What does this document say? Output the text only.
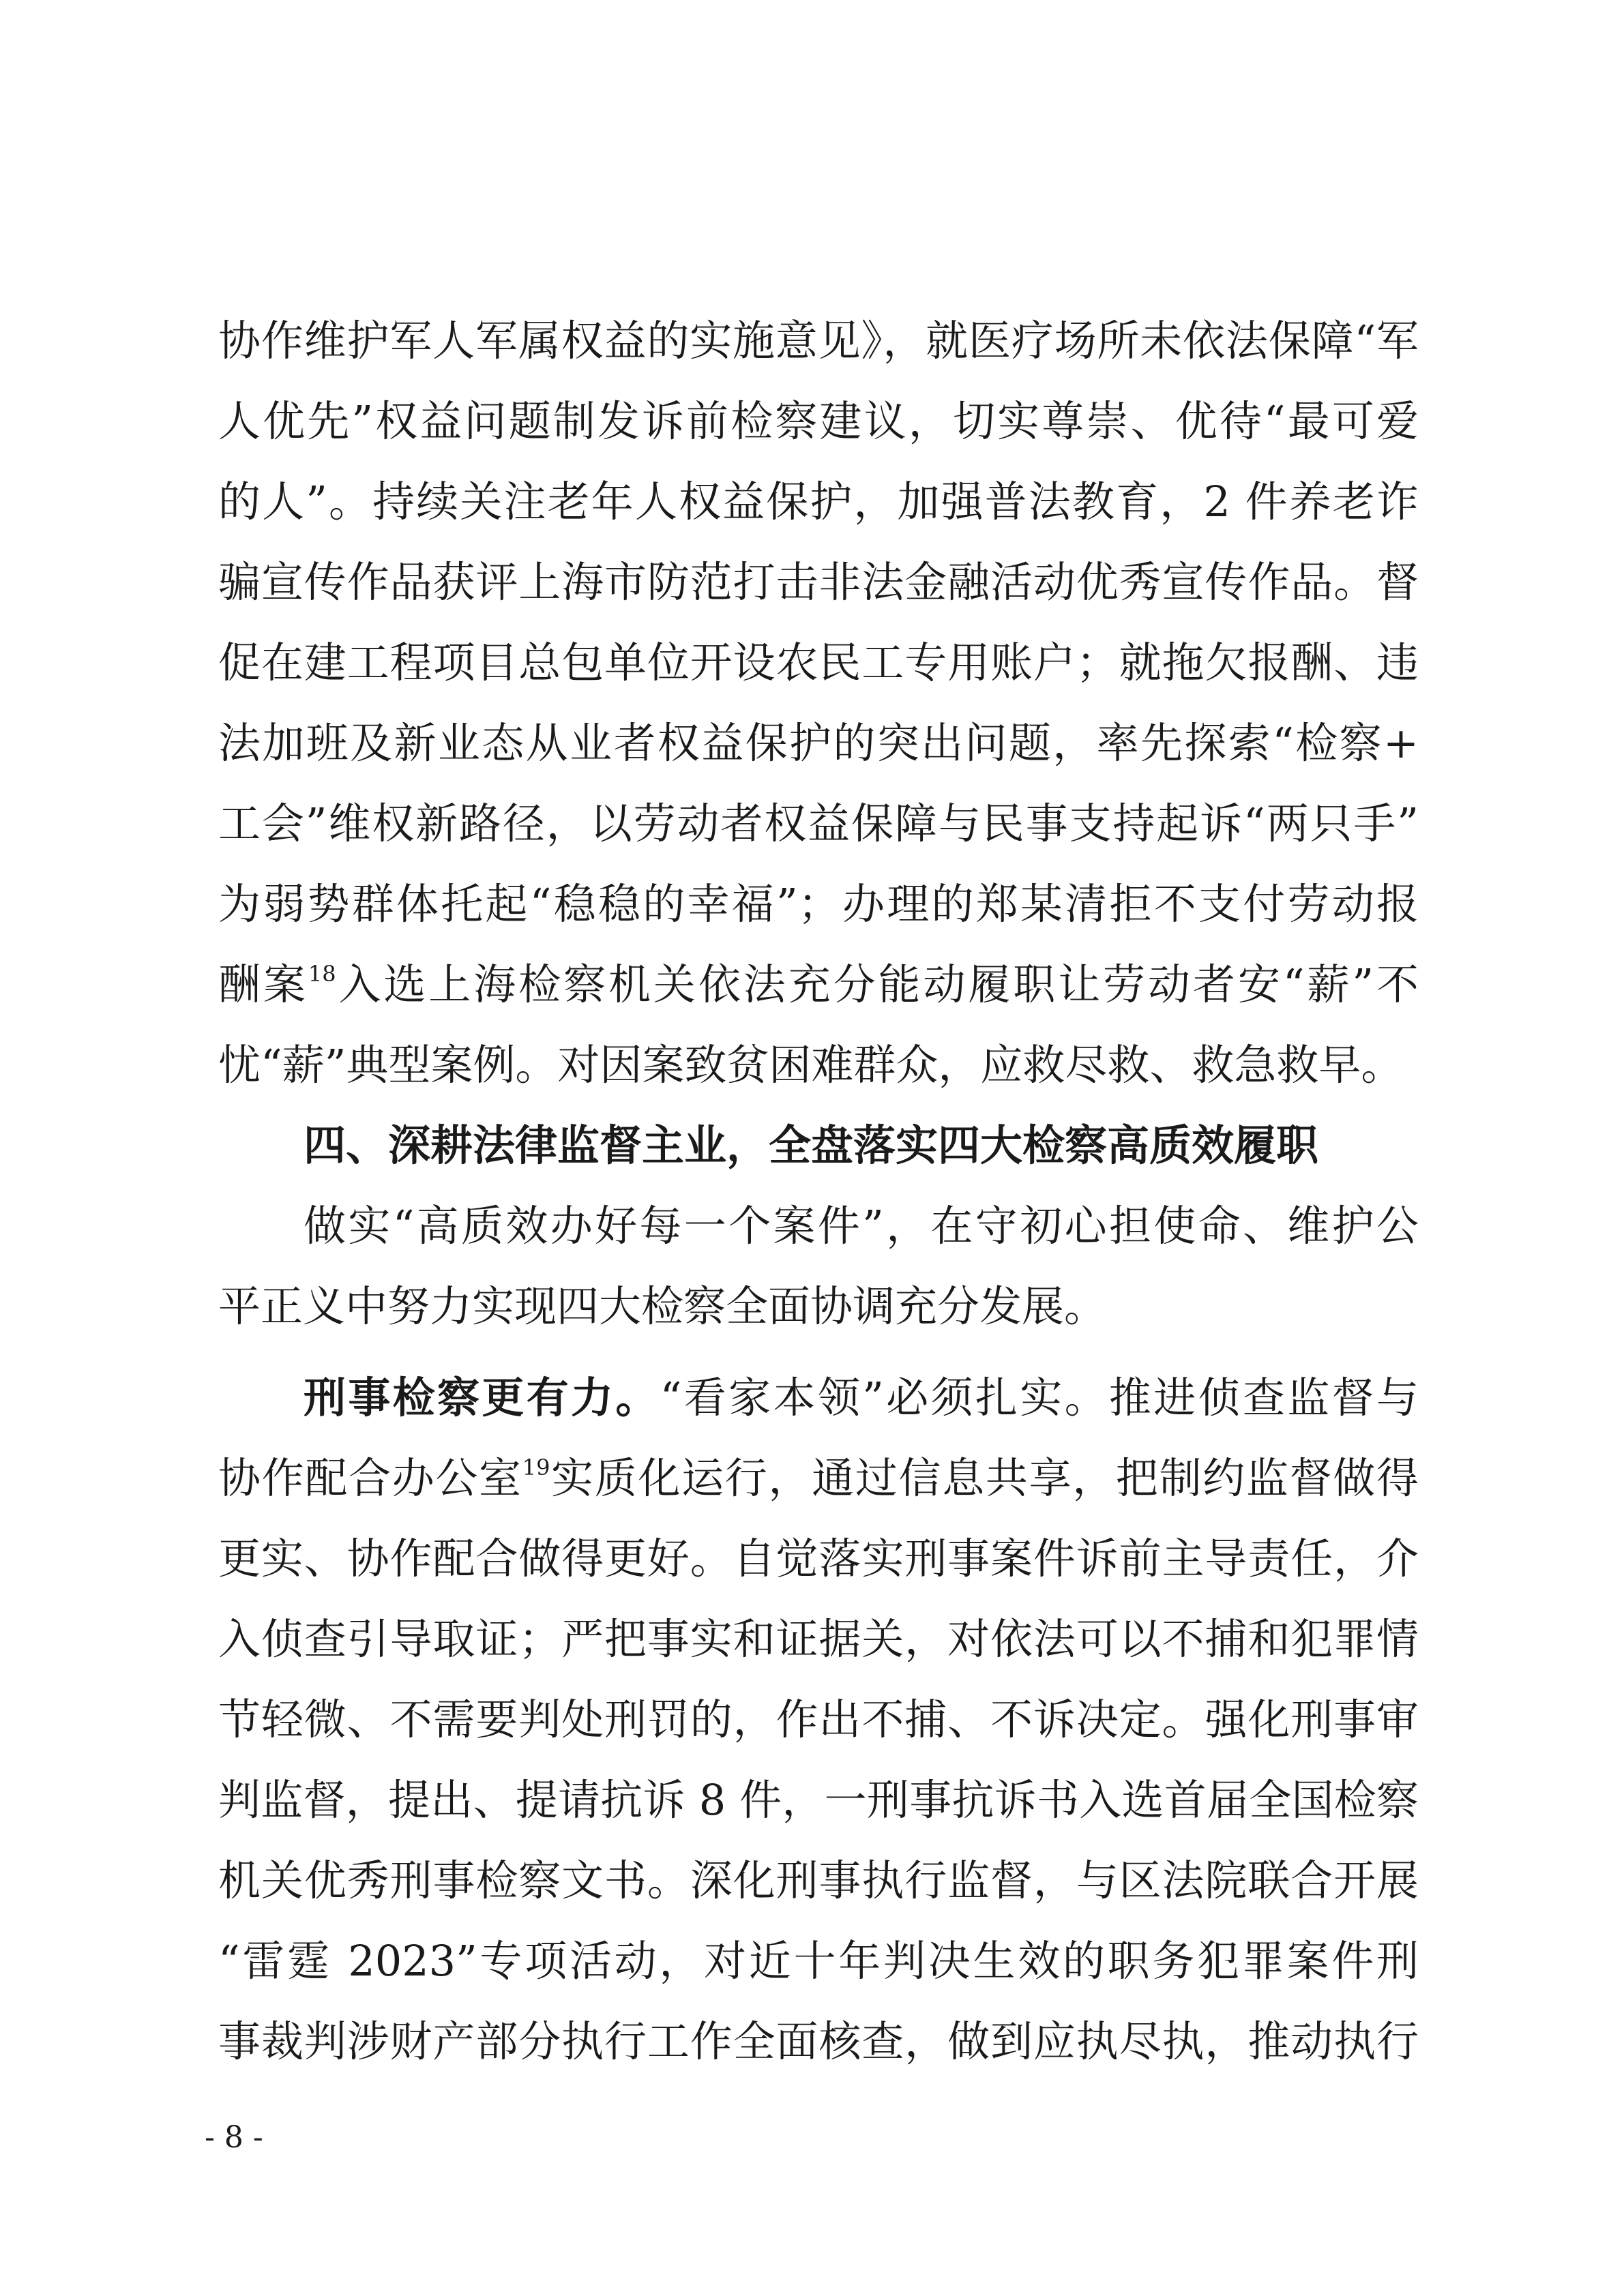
协作维护军人军属权益的实施意见》，就医疗场所未依法保障“军
人优先”权益问题制发诉前检察建议，切实尊崇、优待“最可爱
的人”。持续关注老年人权益保护，加强普法教育，2 件养老诈
骗宣传作品获评上海市防范打击非法金融活动优秀宣传作品。督
促在建工程项目总包单位开设农民工专用账户；就拖欠报酬、违
法加班及新业态从业者权益保护的突出问题，率先探索“检察+
工会”维权新路径，以劳动者权益保障与民事支持起诉“两只手”
为弱势群体托起“稳稳的幸福”；办理的郑某清拒不支付劳动报
酬案$^{18}$入选上海检察机关依法充分能动履职让劳动者安“薪”不
忧“薪”典型案例。对因案致贫困难群众，应救尽救、救急救早。
四、深耕法律监督主业，全盘落实四大检察高质效履职
做实“高质效办好每一个案件”，在守初心担使命、维护公
平正义中努力实现四大检察全面协调充分发展。
刑事检察更有力。“看家本领”必须扎实。推进侦查监督与
协作配合办公室$^{19}$实质化运行，通过信息共享，把制约监督做得
更实、协作配合做得更好。自觉落实刑事案件诉前主导责任，介
入侦查引导取证；严把事实和证据关，对依法可以不捕和犯罪情
节轻微、不需要判处刑罚的，作出不捕、不诉决定。强化刑事审
判监督，提出、提请抗诉 8 件，一刑事抗诉书入选首届全国检察
机关优秀刑事检察文书。深化刑事执行监督，与区法院联合开展
“雷霆 2023”专项活动，对近十年判决生效的职务犯罪案件刑
事裁判涉财产部分执行工作全面核查，做到应执尽执，推动执行
- 8 -
